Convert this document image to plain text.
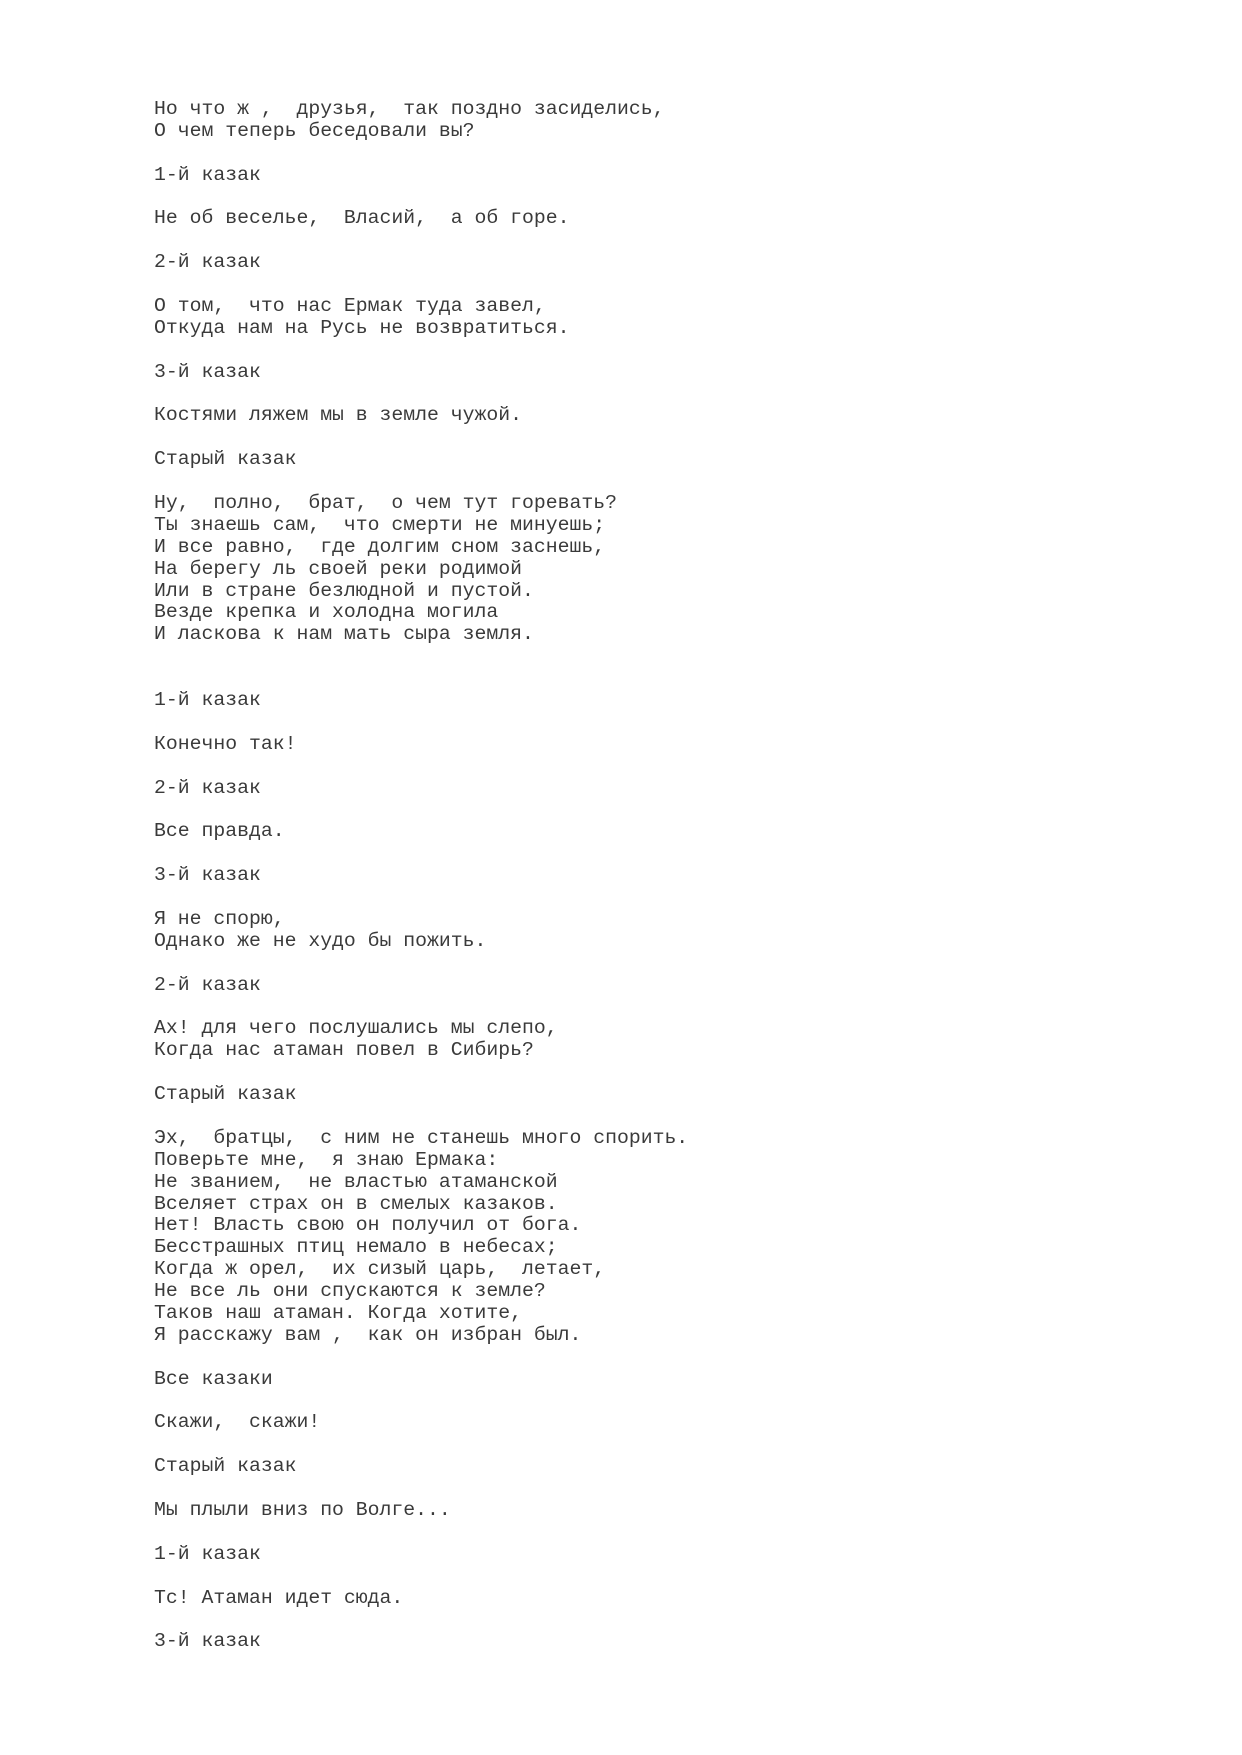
Но что ж ,  друзья,  так поздно засиделись,
О чем теперь беседовали вы?
1-й казак
Не об веселье,  Власий,  а об горе.
2-й казак
О том,  что нас Ермак туда завел,
Откуда нам на Русь не возвратиться.
3-й казак
Костями ляжем мы в земле чужой.
Старый казак
Ну,  полно,  брат,  о чем тут горевать?
Ты знаешь сам,  что смерти не минуешь;
И все равно,  где долгим сном заснешь,
На берегу ль своей реки родимой
Или в стране безлюдной и пустой.
Везде крепка и холодна могила
И ласкова к нам мать сыра земля.
1-й казак
Конечно так!
2-й казак
Все правда.
3-й казак
Я не спорю,
Однако же не худо бы пожить.
2-й казак
Ах! для чего послушались мы слепо,
Когда нас атаман повел в Сибирь?
Старый казак
Эх,  братцы,  с ним не станешь много спорить.
Поверьте мне,  я знаю Ермака:
Не званием,  не властью атаманской
Вселяет страх он в смелых казаков.
Нет! Власть свою он получил от бога.
Бесстрашных птиц немало в небесах;
Когда ж орел,  их сизый царь,  летает,
Не все ль они спускаются к земле?
Таков наш атаман. Когда хотите,
Я расскажу вам ,  как он избран был.
Все казаки
Скажи,  скажи!
Старый казак
Мы плыли вниз по Волге...
1-й казак
Тс! Атаман идет сюда.
3-й казак
